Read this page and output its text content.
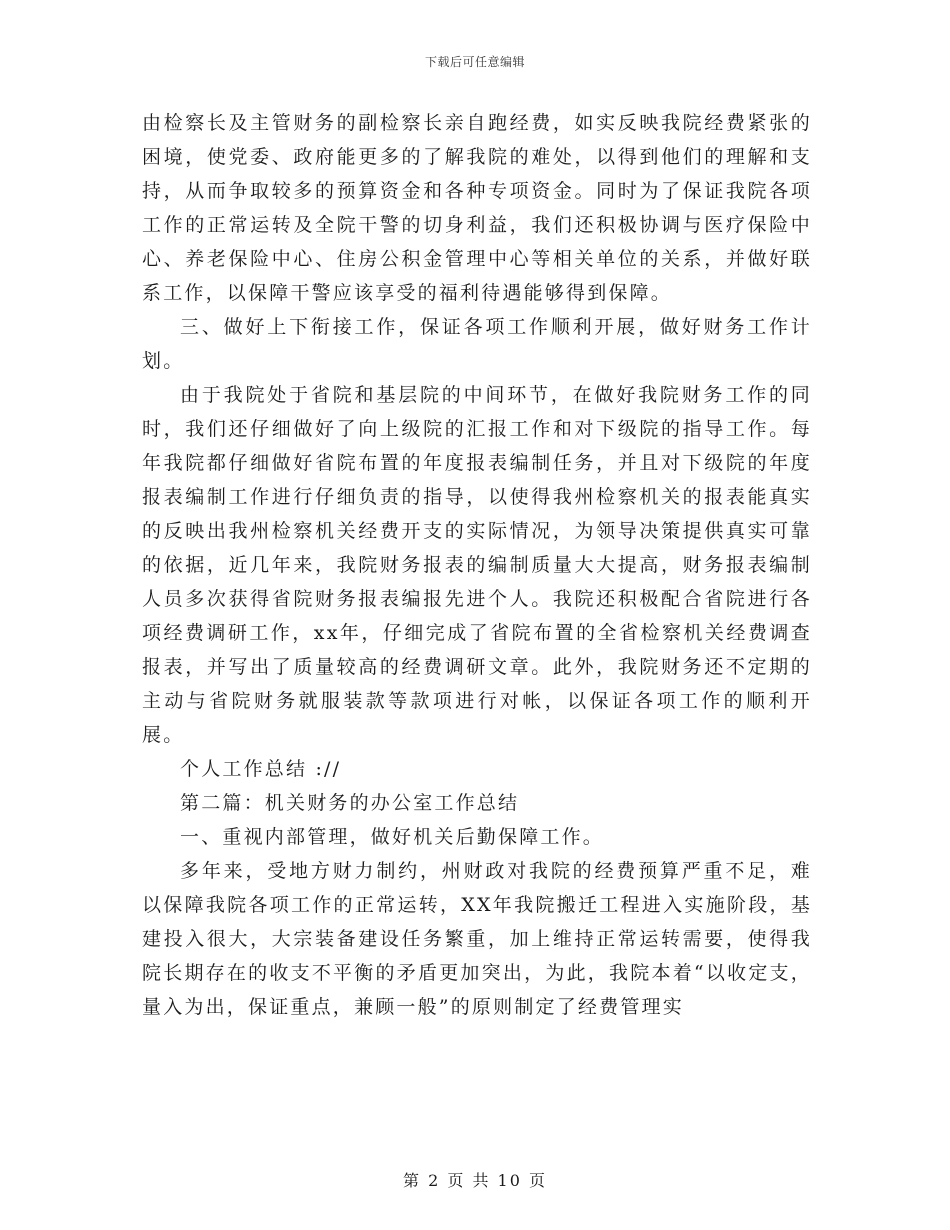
下载后可任意编辑

由检察长及主管财务的副检察长亲自跑经费，如实反映我院经费紧张的困境，使党委、政府能更多的了解我院的难处，以得到他们的理解和支持，从而争取较多的预算资金和各种专项资金。同时为了保证我院各项工作的正常运转及全院干警的切身利益，我们还积极协调与医疗保险中心、养老保险中心、住房公积金管理中心等相关单位的关系，并做好联系工作，以保障干警应该享受的福利待遇能够得到保障。

三、做好上下衔接工作，保证各项工作顺利开展，做好财务工作计划。

由于我院处于省院和基层院的中间环节，在做好我院财务工作的同时，我们还仔细做好了向上级院的汇报工作和对下级院的指导工作。每年我院都仔细做好省院布置的年度报表编制任务，并且对下级院的年度报表编制工作进行仔细负责的指导，以使得我州检察机关的报表能真实的反映出我州检察机关经费开支的实际情况，为领导决策提供真实可靠的依据，近几年来，我院财务报表的编制质量大大提高，财务报表编制人员多次获得省院财务报表编报先进个人。我院还积极配合省院进行各项经费调研工作，xx年，仔细完成了省院布置的全省检察机关经费调查报表，并写出了质量较高的经费调研文章。此外，我院财务还不定期的主动与省院财务就服装款等款项进行对帐，以保证各项工作的顺利开展。

个人工作总结 ://

第二篇：机关财务的办公室工作总结

一、重视内部管理，做好机关后勤保障工作。

多年来，受地方财力制约，州财政对我院的经费预算严重不足，难以保障我院各项工作的正常运转，XX年我院搬迁工程进入实施阶段，基建投入很大，大宗装备建设任务繁重，加上维持正常运转需要，使得我院长期存在的收支不平衡的矛盾更加突出，为此，我院本着“以收定支，量入为出，保证重点，兼顾一般”的原则制定了经费管理实

第 2 页 共 10 页
